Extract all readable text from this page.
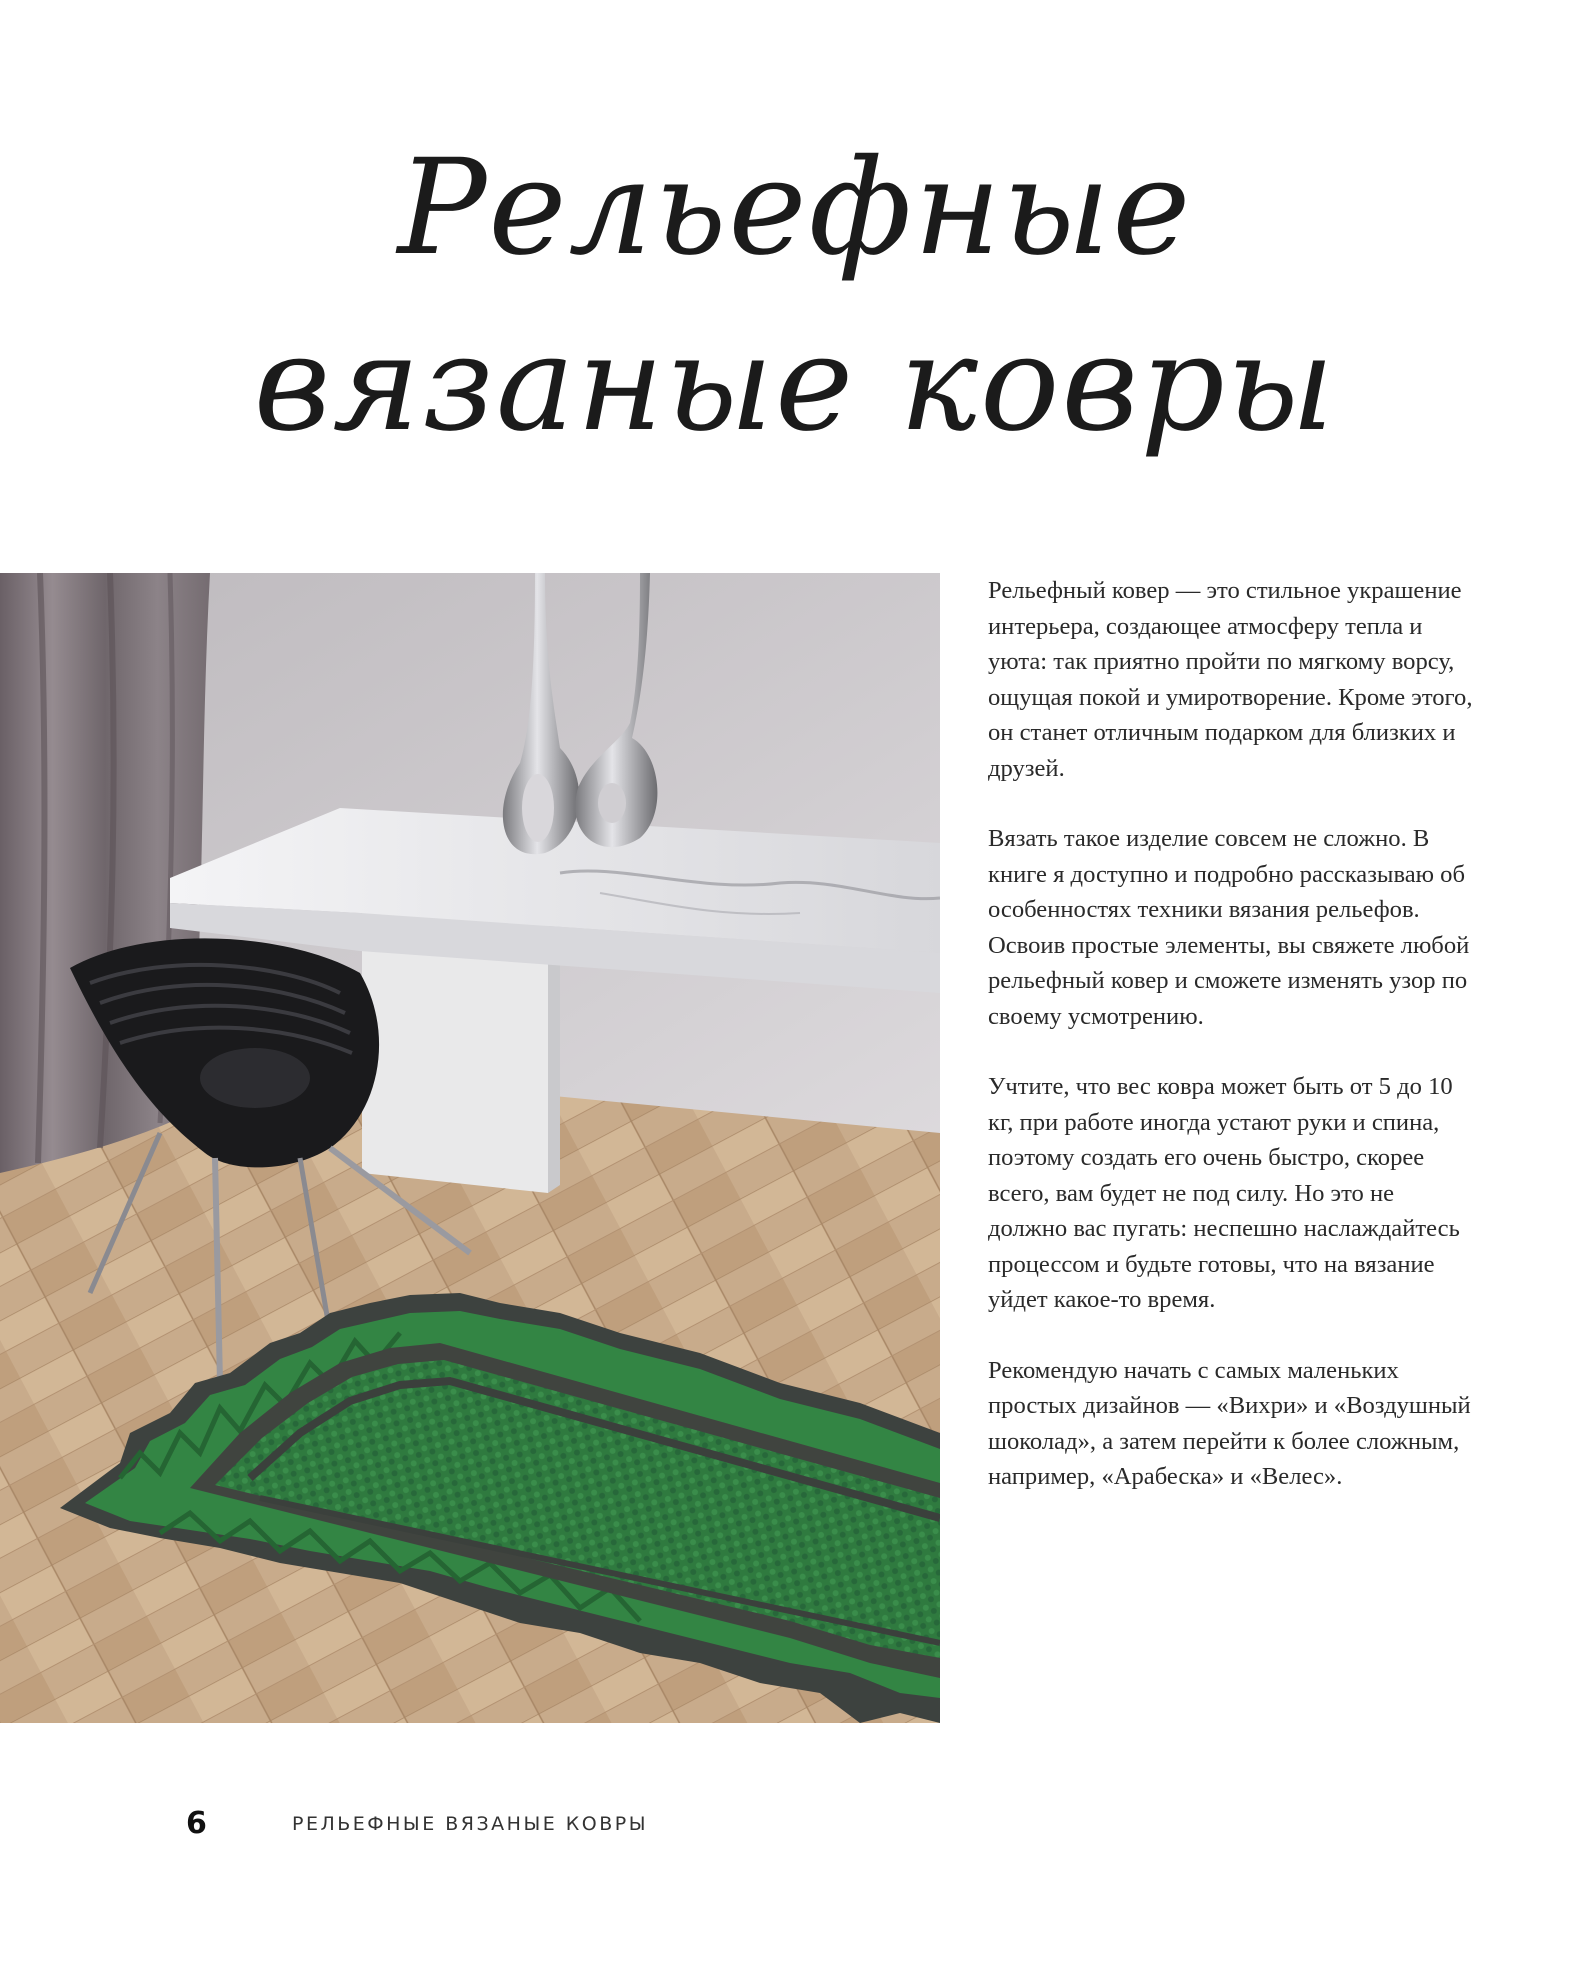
Рельефные вязаные ковры

Рельефный ковер — это стильное украшение интерьера, создающее атмосферу тепла и уюта: так приятно пройти по мягкому ворсу, ощущая покой и умиротворение. Кроме этого, он станет отличным подарком для близких и друзей.

Вязать такое изделие совсем не сложно. В книге я доступно и подробно рассказываю об особенностях техники вязания рельефов. Освоив простые элементы, вы свяжете любой рельефный ковер и сможете изменять узор по своему усмотрению.

Учтите, что вес ковра может быть от 5 до 10 кг, при работе иногда устают руки и спина, поэтому создать его очень быстро, скорее всего, вам будет не под силу. Но это не должно вас пугать: неспешно наслаждайтесь процессом и будьте готовы, что на вязание уйдет какое-то время.

Рекомендую начать с самых маленьких простых дизайнов — «Вихри» и «Воздушный шоколад», а затем перейти к более сложным, например, «Арабеска» и «Велес».

6	РЕЛЬЕФНЫЕ ВЯЗАНЫЕ КОВРЫ
